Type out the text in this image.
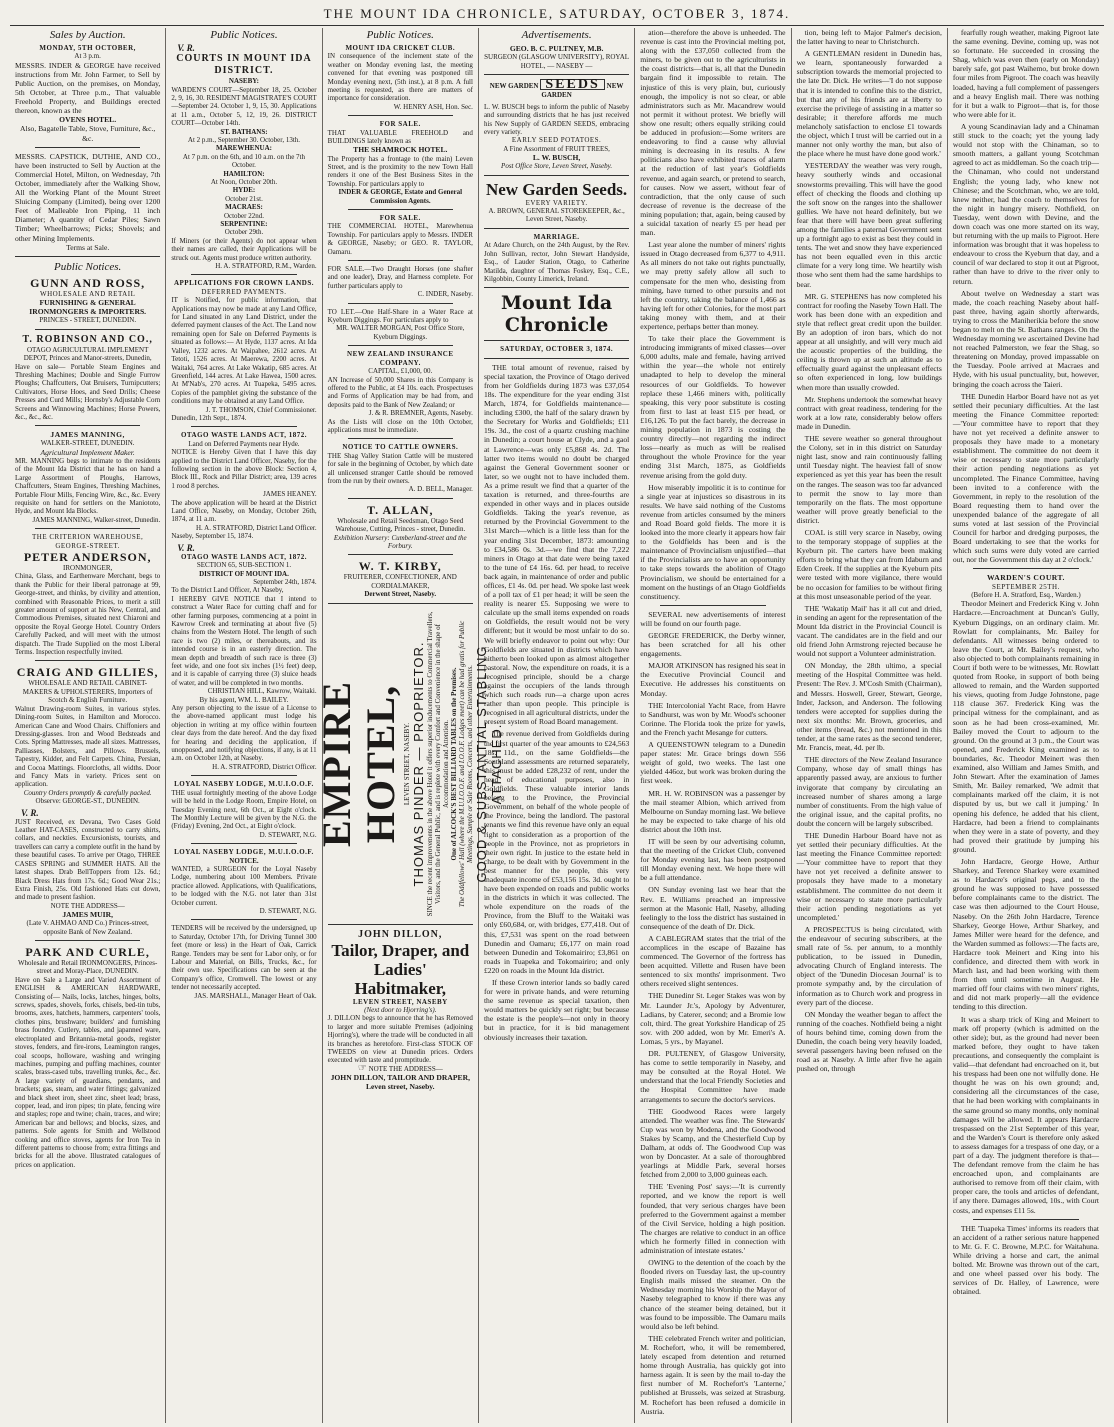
THE MOUNT IDA CHRONICLE, SATURDAY, OCTOBER 3, 1874.
Sales by Auction.
MONDAY, 5TH OCTOBER,
At 3 p.m.
MESSRS. INDER & GEORGE have received instructions from Mr. John Farmer, to Sell by Public Auction, on the premises, on Monday, 5th October, at Three p.m., That valuable Freehold Property, and Buildings erected thereon, known as the
OVENS HOTEL.
Also, Bagatelle Table, Stove, Furniture, &c., &c.
MESSRS. CAPSTICK, DUTHIE, AND CO., have been instructed to Sell by Auction at the Commercial Hotel, Milton, on Wednesday, 7th October, immediately after the Walking Show, All the Working Plant of the Mount Street Sluicing Company (Limited), being over 1200 Feet of Malleable Iron Piping, 11 inch Diameter; A quantity of Cedar Piles; Sawn Timber; Wheelbarrows; Picks; Shovels; and other Mining Implements.
Terms at Sale.
Public Notices.
GUNN AND ROSS,
WHOLESALE AND RETAIL
FURNISHING & GENERAL IRONMONGERS & IMPORTERS.
PRINCES - STREET, DUNEDIN.
T. ROBINSON AND CO.,
OTAGO AGRICULTURAL IMPLEMENT DEPOT, Princes and Manor-streets, Dunedin,
Have on sale— Portable Steam Engines and Threshing Machines; Double and Single Furrow Ploughs; Chaffcutters, Oat Bruisers, Turnipcutters; Cultivators, Horse Hoes, and Seed Drills; Cheese Presses and Curd Mills; Hornsby's Adjustable Corn Screens and Winnowing Machines; Horse Powers, &c., &c., &c.
JAMES MANNING,
WALKER-STREET, DUNEDIN.
Agricultural Implement Maker.
MR. MANNING begs to intimate to the residents of the Mount Ida District that he has on hand a Large Assortment of Ploughs, Harrows, Chaffcutters, Steam Engines, Threshing Machines, Portable Flour Mills, Fencing Wire, &c., &c. Every requisite on hand for settlers on the Maniototo, Hyde, and Mount Ida Blocks.
JAMES MANNING, Walker-street, Dunedin.
THE CRITERION WAREHOUSE, GEORGE-STREET.
PETER ANDERSON,
IRONMONGER,
China, Glass, and Earthenware Merchant, begs to thank the Public for their liberal patronage at 99, George-street, and thinks, by civility and attention, combined with Reasonable Prices, to merit a still greater amount of support at his New, Central, and Commodious Premises, situated next Chiaroni and opposite the Royal George Hotel. Country Orders Carefully Packed, and will meet with the utmost dispatch. The Trade Supplied on the most Liberal Terms. Inspection respectfully invited.
CRAIG AND GILLIES,
WHOLESALE AND RETAIL CABINET-MAKERS & UPHOLSTERERS, Importers of Scotch & English Furniture.
Walnut Drawing-room Suites, in various styles. Dining-room Suites, in Hamilton and Morocco. American Cane and Wood Chairs. Chiffoniers and Dressing-glasses. Iron and Wood Bedsteads and Cots. Spring Mattresses, made all sizes. Mattresses, Palliasses, Bolsters, and Pillows. Brussels, Tapestry, Kidder, and Felt Carpets. China, Persian, and Cocoa Mattings. Floorcloths, all widths. Door and Fancy Mats in variety. Prices sent on application.
Country Orders promptly & carefully packed.
Observe: GEORGE-ST., DUNEDIN.
V. R.
JUST Received, ex Devana, Two Cases Gold Leather HAT-CASES, constructed to carry shirts, collars, and neckties. Excursionists, tourists, and travellers can carry a complete outfit in the hand by these beautiful cases. To arrive per Otago, THREE CASES SPRING and SUMMER HATS. All the latest shapes. Drab BellToppers from 12s. 6d.; Black Dress Hats from 17s. 6d.; Good Wear 21s.; Extra Finish, 25s. Old fashioned Hats cut down, and made to present fashion.
NOTE THE ADDRESS—
JAMES MUIR,
(Late V. AHMAO AND Co.) Princes-street, opposite Bank of New Zealand.
PARK AND CURLE,
Wholesale and Retail IRONMONGERS, Princes-street and Moray-Place, DUNEDIN.
Have on Sale a Large and Varied Assortment of ENGLISH & AMERICAN HARDWARE, Consisting of— Nails, locks, latches, hinges, bolts, screws, spades, shovels, forks, chisels, bed-tin tubs, brooms, axes, hatchets, hammers, carpenters' tools, clothes pins, brushware; builders' and furnishing brass foundry. Cutlery, tables, and japanned ware, electroplated and Britannia-metal goods, register stoves, fenders, and fire-irons, Leamington ranges, coal scoops, holloware, washing and wringing machines, pumping and puffing machines, counter scales, brass-cased tubs, travelling trunks, &c., &c. A large variety of guardians, pendants, and brackets; gas, steam, and water fittings; galvanized and black sheet iron, sheet zinc, sheet lead; brass, copper, lead, and iron pipes; tin plate, fencing wire and staples; rope and twine; chain, traces, and wire; American bar and bellows; and blocks, sizes, and patterns. Sole agents for Smith and Wellstood cooking and office stoves, agents for Iron Tea in different patterns to choose from; extra fittings and bricks for all the above. Illustrated catalogues of prices on application.
Public Notices.
V. R.
COURTS IN MOUNT IDA DISTRICT.
NASEBY:
WARDEN'S COURT—September 18, 25. October 2, 9, 16, 30. RESIDENT MAGISTRATE'S COURT—September 24. October 1, 9, 15, 30. Applications at 11 a.m., October 5, 12, 19, 26. DISTRICT COURT—October 14th.
ST. BATHANS:
At 2 p.m., September 30. October, 13th.
MAREWHENUA:
At 7 p.m. on the 6th, and 10 a.m. on the 7th October.
HAMILTON:
At Noon, October 20th.
HYDE:
October 21st.
MACRAES:
October 22nd.
SERPENTINE:
October 29th.
If Miners (or their Agents) do not appear when their names are called, their Applications will be struck out. Agents must produce written authority.
H. A. STRATFORD, R.M., Warden.
APPLICATIONS FOR CROWN LANDS.
DEFERRED PAYMENTS.
IT is Notified, for public information, that Applications may now be made at any Land Office, for Land situated in any Land District, under the deferred payment clauses of the Act. The Land now remaining open for Sale on Deferred Payments is situated as follows:— At Hyde, 1137 acres. At Ida Valley, 1232 acres. At Waipahee, 2612 acres. At Tetoti, 1526 acres. At Maerewa, 2200 acres. At Waitaki, 764 acres. At Lake Wakatip, 685 acres. At Greenfield, 144 acres. At Lake Hawea, 1500 acres. At M'Nab's, 270 acres. At Tuapeka, 5495 acres. Copies of the pamphlet giving the substance of the conditions may be obtained at any Land Office.
J. T. THOMSON, Chief Commissioner.
Dunedin, 12th Sept., 1874.
OTAGO WASTE LANDS ACT, 1872.
Land on Deferred Payments near Hyde.
NOTICE is Hereby Given that I have this day applied to the District Land Officer, Naseby, for the following section in the above Block: Section 4, Block III., Rock and Pillar District; area, 139 acres 1 rood 8 perches.
JAMES HEANEY.
The above application will be heard at the District Land Office, Naseby, on Monday, October 26th, 1874, at 11 a.m.
H. A. STRATFORD, District Land Officer.
Naseby, September 15, 1874.
V. R.
OTAGO WASTE LANDS ACT, 1872.
SECTION 65, SUB-SECTION 1.
DISTRICT OF MOUNT IDA.
September 24th, 1874.
To the District Land Officer, At Naseby,
I HEREBY GIVE NOTICE that I intend to construct a Water Race for cutting chaff and for other farming purposes, commencing at a point in Kawrow Creek and terminating at about five (5) chains from the Western Hotel. The length of such race is two (2) miles, or thereabouts, and its intended course is in an easterly direction. The mean depth and breadth of such race is three (3) feet wide, and one foot six inches (1½ feet) deep, and it is capable of carrying three (3) sluice heads of water, and will be completed in two months.
CHRISTIAN HILL, Kawrow, Waitaki.
By his agent, WM. L. BAILEY.
Any person objecting to the issue of a License to the above-named applicant must lodge his objection in writing at my office within fourteen clear days from the date hereof. And the day fixed for hearing and deciding the application, if unopposed, and notifying objections, if any, is at 11 a.m. on October 12th, at Naseby.
H. A. STRATFORD, District Officer.
LOYAL NASEBY LODGE, M.U.I.O.O.F.
THE usual fortnightly meeting of the above Lodge will be held in the Lodge Room, Empire Hotel, on Tuesday Evening next, 6th Oct., at Eight o'clock. The Monthly Lecture will be given by the N.G. the (Friday) Evening, 2nd Oct., at Eight o'clock.
D. STEWART, N.G.
LOYAL NASEBY LODGE, M.U.I.O.O.F.
NOTICE.
WANTED, a SURGEON for the Loyal Naseby Lodge, numbering about 100 Members. Private practice allowed. Applications, with Qualifications, to be lodged with the N.G. not later than 31st October current.
D. STEWART, N.G.
TENDERS will be received by the undersigned, up to Saturday, October 17th, for Driving Tunnel 300 feet (more or less) in the Heart of Oak, Carrick Range. Tenders may be sent for Labor only, or for Labour and Material, on Bills, Trucks, &c., for their own use. Specifications can be seen at the Company's office, Cromwell. The lowest or any tender not necessarily accepted.
JAS. MARSHALL, Manager Heart of Oak.
Public Notices.
MOUNT IDA CRICKET CLUB.
IN consequence of the inclement state of the weather on Monday evening last, the meeting convened for that evening was postponed till Monday evening next, (5th inst.), at 8 p.m. A full meeting is requested, as there are matters of importance for consideration.
W. HENRY ASH, Hon. Sec.
FOR SALE.
THAT VALUABLE FREEHOLD and BUILDINGS lately known as
THE SHAMROCK HOTEL.
The Property has a frontage to (the main) Leven Street, and is the proximity to the new Town Hall renders it one of the Best Business Sites in the Township. For particulars apply to
INDER & GEORGE, Estate and General Commission Agents.
FOR SALE.
THE COMMERCIAL HOTEL, Marewhenua Township. For particulars apply to Messrs. INDER & GEORGE, Naseby; or GEO. R. TAYLOR, Oamaru.
FOR SALE.—Two Draught Horses (one shafter and one leader), Dray, and Harness complete. For further particulars apply to
C. INDER, Naseby.
TO LET.—One Half-Share in a Water Race at Kyeburn Diggings. For particulars apply to
MR. WALTER MORGAN, Post Office Store, Kyeburn Diggings.
NEW ZEALAND INSURANCE COMPANY.
CAPITAL, £1,000, 00.
AN Increase of 50,000 Shares in this Company is offered to the Public, at £4 10s. each. Prospectuses and Forms of Application may be had from, and deposits paid to the Bank of New Zealand; or
J. & R. BREMNER, Agents, Naseby.
As the Lists will close on the 10th October, applications must be immediate.
NOTICE TO CATTLE OWNERS.
THE Shag Valley Station Cattle will be mustered for sale in the beginning of October, by which date all unlicensed stranger Cattle should be removed from the run by their owners.
A. D. BELL, Manager.
T. ALLAN,
Wholesale and Retail Seedsman, Otago Seed Warehouse, Cutting, Princes - street, Dunedin.
Exhibition Nursery: Cumberland-street and the Forbury.
W. T. KIRBY,
FRUITERER, CONFECTIONER, AND CORDIALMAKER,
Derwent Street, Naseby.
EMPIRE HOTEL, LEVEN STREET, NASEBY. THOMAS PINDER — PROPRIETOR. SINCE the recent improvements in the above Hotel it offers superior inducements to Commercial Travellers, Visitors, and the General Public, and is replete with every Comfort and Convenience in the shape of Accommodation and Attention. One of ALCOCK'S BEST BILLIARD TABLES on the Premises. The Oddfellows' Hall (where the M.U.I.O.O.F. and I.O.O.F. Lodges meet) can be had gratis for Public Meetings, Sample or Sale Rooms, Concerts, and other Entertainments. GOOD & SUBSTANTIAL STABLING ATTACHED.
JOHN DILLON,
Tailor, Draper, and Ladies' Habitmaker,
LEVEN STREET, NASEBY
(Next door to Hjorring's).
J. DILLON begs to announce that he has Removed to larger and more suitable Premises (adjoining Hjorring's), where the trade will be conducted in all its branches as heretofore. First-class STOCK OF TWEEDS on view at Dunedin prices. Orders executed with taste and promptitude.
☞ NOTE THE ADDRESS—
JOHN DILLON, TAILOR AND DRAPER, Leven street, Naseby.
Advertisements.
GEO. B. C. PULTNEY, M.B.
SURGEON (GLASGOW UNIVERSITY), ROYAL HOTEL, — NASEBY —
NEW GARDEN SEEDS NEW GARDEN
L. W. BUSCH begs to inform the public of Naseby and surrounding districts that he has just received his New Supply of GARDEN SEEDS, embracing every variety.
EARLY SEED POTATOES.
A Fine Assortment of FRUIT TREES,
L. W. BUSCH,
Post Office Store, Leven Street, Naseby.
New Garden Seeds.
EVERY VARIETY.
A. BROWN, GENERAL STOREKEEPER, &c., Leven Street, Naseby.
MARRIAGE.
At Adare Church, on the 24th August, by the Rev. John Sullivan, rector, John Stewart Handyside, Esq., of Lauder Station, Otago, to Catherine Matilda, daughter of Thomas Foskey, Esq., C.E., Kilgobbin, County Limerick, Ireland.
Mount Ida Chronicle
SATURDAY, OCTOBER 3, 1874.
THE total amount of revenue, raised by special taxation, the Province of Otago derived from her Goldfields during 1873 was £37,054 18s. The expenditure for the year ending 31st March, 1874, for Goldfields maintenance—including £300, the half of the salary drawn by the Secretary for Works and Goldfields; £11 19s. 3d., the cost of a quartz crushing machine in Dunedin; a court house at Clyde, and a gaol at Lawrence—was only £5,868 4s. 2d. The latter two items would no doubt be charged against the General Government sooner or later, so we ought not to have included them. As a prime result we find that a quarter of the taxation is returned, and three-fourths are expended in other ways and in places outside Goldfields. Taking the year's revenue, as returned by the Provincial Government to the 31st March—which is a little less than for the year ending 31st December, 1873: amounting to £34,586 0s. 3d.—we find that the 7,222 miners in Otago at that date were being taxed to the tune of £4 16s. 6d. per head, to receive back again, in maintenance of order and public offices, £1 4s. 0d. per head. We spoke last week of a poll tax of £1 per head; it will be seen the reality is nearer £5. Supposing we were to calculate up the small items expended on roads on Goldfields, the result would not be very different; but it would be most unfair to do so. We will briefly endeavor to point out why: Our Goldfields are situated in districts which have hitherto been looked upon as almost altogether pastoral. Now, the expenditure on roads, it is a recognised principle, should be a charge against the occupiers of the lands through which such roads run—a charge upon acres rather than upon people. This principle is recognised in all agricultural districts, under the present system of Road Board management.
The revenue derived from Goldfields during the first quarter of the year amounts to £24,563 18s. 11d., on the same Goldfields—the Southland assessments are returned separately, this must be added £28,232 of rent, under the head of educational purposes, also in Goldfields. These valuable interior lands belong to the Province, the Provincial Government, on behalf of the whole people of the Province, being the landlord. The pastoral tenants we find this revenue have only an equal right to consideration as a proportion of the people in the Province, not as proprietors in their own right. In justice to the estate held in charge, to be dealt with by Government in the best manner for the people, this very inadequate income of £53,156 15s. 3d. ought to have been expended on roads and public works in the districts in which it was collected. The whole expenditure on the roads of the Province, from the Bluff to the Waitaki was only £60,684, or, with bridges, £77,418. Out of this, £7,531 was spent on the road between Dunedin and Oamaru; £6,177 on main road between Dunedin and Tokomairiro; £3,861 on roads in Tuapeka and Tokomairiro; and only £220 on roads in the Mount Ida district.
If these Crown interior lands so badly cared for were in private hands, and were returning the same revenue as special taxation, then would matters be quickly set right; but because the estate is the people's—not only in theory but in practice, for it is bid management obviously increases their taxation.
ation—therefore the above is unheeded. The revenue is cast into the Provincial melting pot, along with the £37,050 collected from the miners, to be given out to the agriculturists in the coast districts—that is, all that the Dunedin bargain find it impossible to retain. The injustice of this is very plain, but, curiously enough, the impolicy is not so clear, or able administrators such as Mr. Macandrew would not permit it without protest. We briefly will show one result; others equally striking could be adduced in profusion:—Some writers are endeavoring to find a cause why alluvial mining is decreasing in its results. A few politicians also have exhibited traces of alarm at the reduction of last year's Goldfields revenue, and again search, or pretend to search, for causes. Now we assert, without fear of contradiction, that the only cause of such decrease of revenue is the decrease of the mining population; that, again, being caused by a suicidal taxation of nearly £5 per head per man.
Last year alone the number of miners' rights issued in Otago decreased from 6,377 to 4,911. As all miners do not take out rights punctually, we may pretty safely allow all such to compensate for the men who, desisting from mining, have turned to other pursuits and not left the country, taking the balance of 1,466 as having left for other Colonies, for the most part taking money with them, and at their expertence, perhaps better than money.
To take their place the Government is introducing immigrants of mixed classes—over 6,000 adults, male and female, having arrived within the year—the whole not entirely unadapted to help to develop the mineral resources of our Goldfields. To however replace these 1,466 miners with, politically speaking, this very poor substitute is costing from first to last at least £15 per head, or £16,126. To put the fact barely, the decrease in mining population in 1873 is costing the country directly—not regarding the indirect loss—nearly as much as will be realised throughout the whole Province for the year ending 31st March, 1875, as Goldfields revenue arising from the gold duty.
How miserably impolitic it is to continue for a single year at injustices so disastrous in its results. We have said nothing of the Customs revenue from articles consumed by the miners and Road Board gold fields. The more it is looked into the more clearly it appears how fair to the Goldfields has been and is the maintenance of Provincialism unjustified—that if the Provincialists are to have an opportunity to take steps towards the abolition of Otago Provincialism, we should be entertained for a moment on the hustings of an Otago Goldfields constituency.
SEVERAL new advertisements of interest will be found on our fourth page.
GEORGE FREDERICK, the Derby winner, has been scratched for all his other engagements.
MAJOR ATKINSON has resigned his seat in the Executive Provincial Council and Executive. He addresses his constituents on Monday.
THE Intercolonial Yacht Race, from Havre to Sandhurst, was won by Mr. Wood's schooner Corinne. The Florida took the prize for yawls, and the French yacht Mesange for cutters.
A QUEENSTOWN telegram to a Dunedin paper states: Mr. Grace brings down 556 weight of gold, two weeks. The last one yielded 446oz, but work was broken during the first week.
MR. H. W. ROBINSON was a passenger by the mail steamer Albion, which arrived from Melbourne on Sunday morning last. We believe he may be expected to take charge of his old district about the 10th inst.
IT will be seen by our advertising column, that the meeting of the Cricket Club, convened for Monday evening last, has been postponed till Monday evening next. We hope there will be a full attendance.
ON Sunday evening last we hear that the Rev. E. Williams preached an impressive sermon at the Masonic Hall, Naseby, alluding feelingly to the loss the district has sustained in consequence of the death of Dr. Dick.
A CABLEGRAM states that the trial of the accomplices in the escape of Bazaine has commenced. The Governor of the fortress has been acquitted. Villette and Rusen have been sentenced to six months' imprisonment. Two others received slight sentences.
THE Dunedinr St. Leger Stakes was won by Mr. Launder Jr.'s, Apology by Adventurer, Ladians, by Caterer, second; and a Bromie low colt, third. The great Yorkshire Handicap of 25 sov. with 200 added, won by Mr. Emeri's A. Lomas, 5 yrs., by Mayanel.
DR. PULTENEY, of Glasgow University, has come to settle temporarily in Naseby, and may be consulted at the Royal Hotel. We understand that the local Friendly Societies and the Hospital Committee have made arrangements to secure the doctor's services.
THE Goodwood Races were largely attended. The weather was fine. The Stewards' Cup was won by Modena, and the Goodwood Stakes by Scamp, and the Chesterfield Cup by Dalham, at odds of. The Goodwood Cup was won by Doncaster. At a sale of thoroughbred yearlings at Middle Park, several horses fetched from 2,000 to 3,000 guineas each.
THE 'Evening Post' says:—'It is currently reported, and we know the report is well founded, that very serious charges have been preferred to the Government against a member of the Civil Service, holding a high position. The charges are relative to conduct in an office which he formerly filled in connection with administration of intestate estates.'
OWING to the detention of the coach by the flooded rivers on Tuesday last, the up-country English mails missed the steamer. On the Wednesday morning his Worship the Mayor of Naseby telegraphed to know if there was any chance of the steamer being detained, but it was found to be impossible. The Oamaru mails would also be left behind.
THE celebrated French writer and politician, M. Rochefort, who, it will be remembered, lately escaped from detention and returned home through Australia, has quickly got into harness again. It is seen by the mail to-day the first number of M. Rochefort's 'Lanterne,' published at Brussels, was seized at Strasburg. M. Rochefort has been refused a domicile in Austria.
tion, being left to Major Palmer's decision, the latter having to near to Christchurch.
A GENTLEMAN resident in Dunedin has, we learn, spontaneously forwarded a subscription towards the memorial projected to the late Dr. Dick. He writes—'I do not suppose that it is intended to confine this to the district, but that any of his friends are at liberty to exercise the privilege of assisting in a matter so desirable; it therefore affords me much melancholy satisfaction to enclose £1 towards the object, which I trust will be carried out in a manner not only worthy the man, but also of the place where he must have done good work.'
YESTERDAY the weather was very rough, heavy southerly winds and occasional snowstorms prevailing. This will have the good effect of checking the floods and clothing up the soft snow on the ranges into the shallower gullies. We have not heard definitely, but we fear that there will have been great suffering among the families a paternal Government sent up a fortnight ago to exist as best they could in tents. The wet and snow they have experienced has not been equalled even in this arctic climate for a very long time. We heartily wish those who sent them had the same hardships to bear.
MR. G. STEPHENS has now completed his contract for roofing the Naseby Town Hall. The work has been done with an expedition and style that reflect great credit upon the builder. By an adoption of iron bars, which do not appear at all unsightly, and will very much aid the acoustic properties of the building, the ceiling is thrown up at such an altitude as to effectually guard against the unpleasant effects so often experienced in long, low buildings when more than usually crowded.
Mr. Stephens undertook the somewhat heavy contract with great readiness, tendering for the work at a low rate, considerably below offers made in Dunedin.
THE severe weather so general throughout the Colony, set in in this district on Saturday night last, snow and rain continuously falling until Tuesday night. The heaviest fall of snow experienced as yet this year has been the result on the ranges. The season was too far advanced to permit the snow to lay more than temporarily on the flats. The most opportune weather will prove greatly beneficial to the district.
COAL is still very scarce in Naseby, owing to the temporary stoppage of supplies at the Kyeburn pit. The carters have been making efforts to bring what they can from Idaburn and Eden Creek. If the supplies at the Kyeburn pits were tested with more vigilance, there would be no occasion for families to be without firing at this most unseasonable period of the year.
THE 'Wakatip Mail' has it all cut and dried, in sending an agent for the representation of the Mount Ida district in the Provincial Council is vacant. The candidates are in the field and our old friend John Armstrong rejected because he would not support a Volunteer administration.
ON Monday, the 28th ultimo, a special meeting of the Hospital Committee was held. Present: The Rev. J. M'Cosh Smith (Chairman), and Messrs. Hoswell, Greer, Stewart, George, Inder, Jackson, and Anderson. The following tenders were accepted for supplies during the next six months: Mr. Brown, groceries, and other items (bread, &c.) not mentioned in this tender, at the same rates as the second tenderer, Mr. Francis, meat, 4d. per lb.
THE directors of the New Zealand Insurance Company, whose day of small things has apparently passed away, are anxious to further invigorate that company by circulating an increased number of shares among a large number of constituents. From the high value of the original issue, and the capital profits, no doubt the concern will be largely subscribed.
THE Dunedin Harbour Board have not as yet settled their pecuniary difficulties. At the last meeting the Finance Committee reported:—'Your committee have to report that they have not yet received a definite answer to proposals they have made to a monetary establishment. The committee do not deem it wise or necessary to state more particularly their action pending negotiations as yet uncompleted.'
A PROSPECTUS is being circulated, with the endeavour of securing subscribers, at the small rate of 5s. per annum, to a monthly publication, to be issued in Dunedin, advocating Church of England interests. The object of the 'Dunedin Diocesan Journal' is to promote sympathy and, by the circulation of information as to Church work and progress in every part of the diocese.
ON Monday the weather began to affect the running of the coaches. Nothfield being a night of hours behind time, coming down from the Dunedin, the coach being very heavily loaded, several passengers having been refused on the road as at Naseby. A little after five he again pushed on, through
fearfully rough weather, making Pigroot late the same evening. Devine, coming up, was not so fortunate. He succeeded in crossing the Shag, which was even then (early on Monday) barely safe, got past Waihemo, but broke down four miles from Pigroot. The coach was heavily loaded, having a full complement of passengers and a heavy English mail. There was nothing for it but a walk to Pigroot—that is, for those who were able for it.
A young Scandinavian lady and a Chinaman still stuck to the coach; yet the young lady would not stop with the Chinaman, so to smooth matters, a gallant young Scotchman agreed to act as middleman. So the coach trip—the Chinaman, who could not understand English; the young lady, who knew not Chinese; and the Scotchman, who, we are told, knew neither, had the coach to themselves for the night in hungry misery. Nothfield, on Tuesday, went down with Devine, and the down coach was one more started on its way, but returning with the up mails to Pigroot. Here information was brought that it was hopeless to endeavour to cross the Kyeburn that day, and a council of war declared to stop it out at Pigroot, rather than have to drive to the river only to return.
About twelve on Wednesday a start was made, the coach reaching Naseby about half-past three, having again shortly afterwards, trying to cross the Maniherikia before the snow began to melt on the St. Bathans ranges. On the Wednesday morning we ascertained Devine had not reached Palmerston, we fear the Shag, so threatening on Monday, proved impassable on the Tuesday. Poole arrived at Macraes and Hyde, with his usual punctuality, but, however, bringing the coach across the Taieri.
THE Dunedin Harbor Board have not as yet settled their pecuniary difficulties. At the last meeting the Finance Committee reported:—'Your committee have to report that they have not yet received a definite answer to proposals they have made to a monetary establishment. The committee do not deem it wise or necessary to state more particularly their action pending negotiations as yet uncompleted. The Finance Committee, having been invited to a conference with the Government, in reply to the resolution of the Board requesting them to hand over the unexpended balance of the aggregate of all sums voted at last session of the Provincial Council for harbor and dredging purposes, the Board undertaking to see that the works for which such sums were duly voted are carried out, nor the Government this day at 2 o'clock.'
WARDEN'S COURT.
SEPTEMBER 25TH.
(Before H. A. Stratford, Esq., Warden.)
Theodor Meinert and Frederick King v. John Hardacre.—Encroachment at Duncan's Gully, Kyeburn Diggings, on an ordinary claim. Mr. Rowlatt for complainants, Mr. Bailey for defendants. All witnesses being ordered to leave the Court, at Mr. Bailey's request, who also objected to both complainants remaining in Court if both were to be witnesses, Mr. Rowlatt quoted from Rooke, in support of both being allowed to remain, and the Warden supported his views, quoting from Judge Johnstone, page 118 clause 367. Frederick King was the principal witness for the complainant, and as soon as he had been cross-examined, Mr. Bailey moved the Court to adjourn to the ground. On the ground at 3 p.m., the Court was opened, and Frederick King examined as to boundaries, &c. Theodor Meinert was then examined, also William and James Smith, and John Stewart. After the examination of James Smith, Mr. Bailey remarked, 'We admit that complainants marked off the claim, it is not disputed by us, but we call it jumping.' In opening his defence, he added that his client, Hardacre, had been a friend to complainants when they were in a state of poverty, and they had proved their gratitude by jumping his ground.
John Hardacre, George Howe, Arthur Sharkey, and Terence Sharkey were examined as to Hardacre's original pegs, and to the ground he was supposed to have possessed before complainants came to the district. The case was then adjourned to the Court House, Naseby. On the 26th John Hardacre, Terence Sharkey, George Howe, Arthur Sharkey, and James Miller were heard for the defence, and the Warden summed as follows:—The facts are, Hardacre took Meinert and King into his confidence, and directed them with work in March last, and had been working with them from then until sometime in August. He married off four claims with two miners' rights, and did not mark properly—all the evidence tending to this direction.
It was a sharp trick of King and Meinert to mark off property (which is admitted on the other side); but, as the ground had never been marked before, they ought to have taken precautions, and consequently the complaint is valid—that defendant had encroached on it, but his trespass had been one not wilfully done. He thought he was on his own ground; and, considering all the circumstances of the case, that he had been working with complainants in the same ground so many months, only nominal damages will be allowed. It appears Hardacre trespassed on the 21st September of this year, and the Warden's Court is therefore only asked to assess damages for a trespass of one day, or a part of a day. The judgment therefore is that—The defendant remove from the claim he has encroached upon, and complainants are authorised to remove from off their claim, with proper care, the tools and articles of defendant, if any there. Damages allowed, 10s., with Court costs, and expenses £11 5s.
THE 'Tuapeka Times' informs its readers that an accident of a rather serious nature happened to Mr. G. F. C. Browne, M.P.C. for Waitahuna. While driving a horse and cart, the animal bolted. Mr. Browne was thrown out of the cart, and one wheel passed over his body. The services of Dr. Halley, of Lawrence, were obtained.
